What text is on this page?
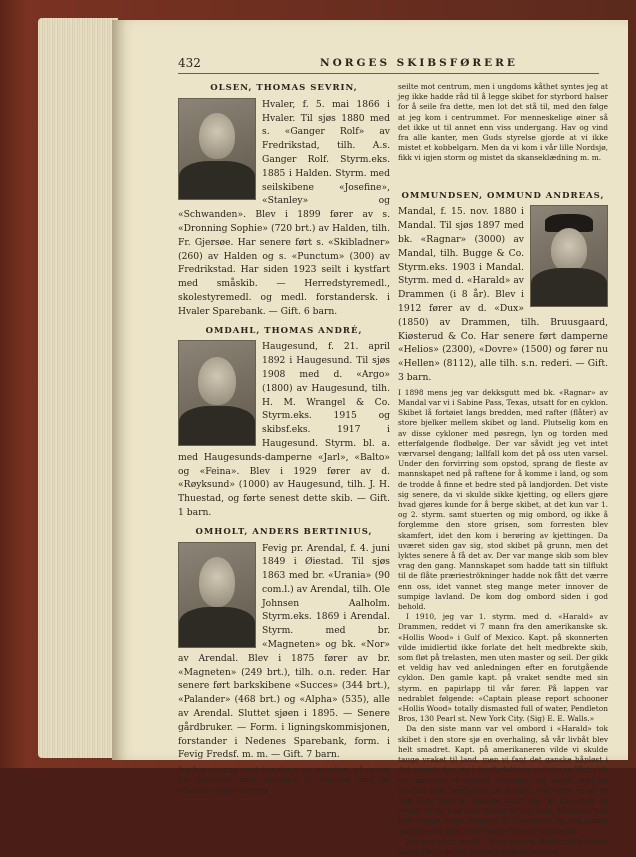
432	NORGES SKIBSFØRERE
OLSEN, THOMAS SEVRIN,

Hvaler, f. 5. mai 1866 i Hvaler. Til sjøs 1880 med s. «Ganger Rolf» av Fredrikstad, tilh. A.s. Ganger Rolf. Styrm.eks. 1885 i Halden. Styrm. med seilskibene «Josefine», «Stanley» og «Schwanden». Blev i 1899 fører av s. «Dronning Sophie» (720 brt.) av Halden, tilh. Fr. Gjersøe. Har senere ført s. «Skibladner» (260) av Halden og s. «Punctum» (300) av Fredrikstad. Har siden 1923 seilt i kystfart med småskib. — Herredstyremedl., skolestyremedl. og medl. forstandersk. i Hvaler Sparebank. — Gift. 6 barn.

OMDAHL, THOMAS ANDRÉ,

Haugesund, f. 21. april 1892 i Haugesund. Til sjøs 1908 med d. «Argo» (1800) av Haugesund, tilh. H. M. Wrangel & Co. Styrm.eks. 1915 og skibsf.eks. 1917 i Haugesund. Styrm. bl. a. med Haugesunds-damperne «Jarl», «Balto» og «Feina». Blev i 1929 fører av d. «Røyksund» (1000) av Haugesund, tilh. J. H. Thuestad, og førte senest dette skib. — Gift. 1 barn.

OMHOLT, ANDERS BERTINIUS,

Fevig pr. Arendal, f. 4. juni 1849 i Øiestad. Til sjøs 1863 med br. «Urania» (90 com.l.) av Arendal, tilh. Ole Johnsen Aalholm. Styrm.eks. 1869 i Arendal. Styrm. med br. «Magneten» og bk. «Nor» av Arendal. Blev i 1875 fører av br. «Magneten» (249 brt.), tilh. o.n. reder. Har senere ført barkskibene «Succes» (344 brt.), «Palander» (468 brt.) og «Alpha» (535), alle av Arendal. Sluttet sjøen i 1895. — Senere gårdbruker. — Form. i ligningskommisjonen, forstander i Nedenes Sparebank, form. i Fevig Fredsf. m. m. — Gift. 7 barn.

Jeg har engang vært i centrum av en orkan, på reisen fra Galveston med oljekaker til England med bk «Succes». Jeg visste jeg

seilte mot centrum, men i ungdoms kåthet syntes jeg at jeg ikke hadde råd til å legge skibet for styrbord halser for å seile fra dette, men lot det stå til, med den følge at jeg kom i centrummet. For menneskelige øiner så det ikke ut til annet enn viss undergang. Hav og vind fra alle kanter, men Guds styrelse gjorde at vi ikke mistet et kobbelgarn. Men da vi kom i vår lille Nordsjø, fikk vi igjen storm og mistet da skanseklædning m. m.

OMMUNDSEN, OMMUND ANDREAS,

Mandal, f. 15. nov. 1880 i Mandal. Til sjøs 1897 med bk. «Ragnar» (3000) av Mandal, tilh. Bugge & Co. Styrm.eks. 1903 i Mandal. Styrm. med d. «Harald» av Drammen (i 8 år). Blev i 1912 fører av d. «Dux» (1850) av Drammen, tilh. Bruusgaard, Kiøsterud & Co. Har senere ført damperne «Helios» (2300), «Dovre» (1500) og fører nu «Hellen» (8112), alle tilh. s.n. rederi. — Gift. 3 barn.

I 1898 mens jeg var dekksgutt med bk. «Ragnar» av Mandal var vi i Sabine Pass, Texas, utsatt for en cyklon. Skibet lå fortøiet langs bredden, med rafter (flåter) av store bjelker mellem skibet og land. Plutselig kom en av disse cykloner med pøsregn, lyn og torden med etterfølgende flodbølge. Der var såvidt jeg vet intet værvarsel dengang; lallfall kom det på oss uten varsel. Under den forvirring som opstod, sprang de fleste av mannskapet ned på raftene for å komme i land, og som de trodde å finne et bedre sted på landjorden. Det viste sig senere, da vi skulde sikke kjetting, og ellers gjøre hvad gjøres kunde for å berge skibet, at det kun var 1. og 2. styrm. samt stuerten og mig ombord, og ikke å forglemme den store grisen, som forresten blev skamfert, idet den kom i berøring av kjettingen. Da uværet siden gav sig, stod skibet på grunn, men det lyktes senere å få det av. Der var mange skib som blev vrag den gang. Mannskapet som hadde tatt sin tilflukt til de flåte prærieströkninger hadde nok fått det værre enn oss, idet vannet steg mange meter innover de sumpige lavland. De kom dog ombord siden i god behold.

I 1910, jeg var 1. styrm. med d. «Harald» av Drammen, reddet vi 7 mann fra den amerikanske sk. «Hollis Wood» i Gulf of Mexico. Kapt. på skonnerten vilde imidlertid ikke forlate det helt medbrekte skib, som fløt på trelasten, men uten master og seil. Der gikk et veldig hav ved anledningen efter en forutgående cyklon. Den gamle kapt. på vraket sendte med sin styrm. en papirlapp til vår fører. På lappen var nedrablet følgende: «Captain please report schooner «Hollis Wood» totally dismasted full of water, Pendleton Bros, 130 Pearl st. New York City. (Sig) E. E. Walls.»

Da den siste mann var vel ombord i «Harald» tok skibet i den store sjø en overhaling, så vår livbåt blev helt smadret. Kapt. på amerikaneren vilde vi skulde tauge vraket til land, men vi fant det ganske håpløst i det oprørte hav, og i den forfatning vraket var. Vårt skib var dessuten 4 døgner forsinket, og lastet med en kostbar last, bestående av kobber. Det siste vi så av den, skal man si, modige kapt. var, at han stod og vinket til de folk som hadde forlatt ham. Merkelig nok blev vraket siden innslept til Galveston, og den gamle sjøulk av en kapt. blev funnet i beste velgående.

Jeg har vært ansatt i Bruusgaard, Kiøsterud's rederi siden 1900, da jeg begynte som lettmatros.
